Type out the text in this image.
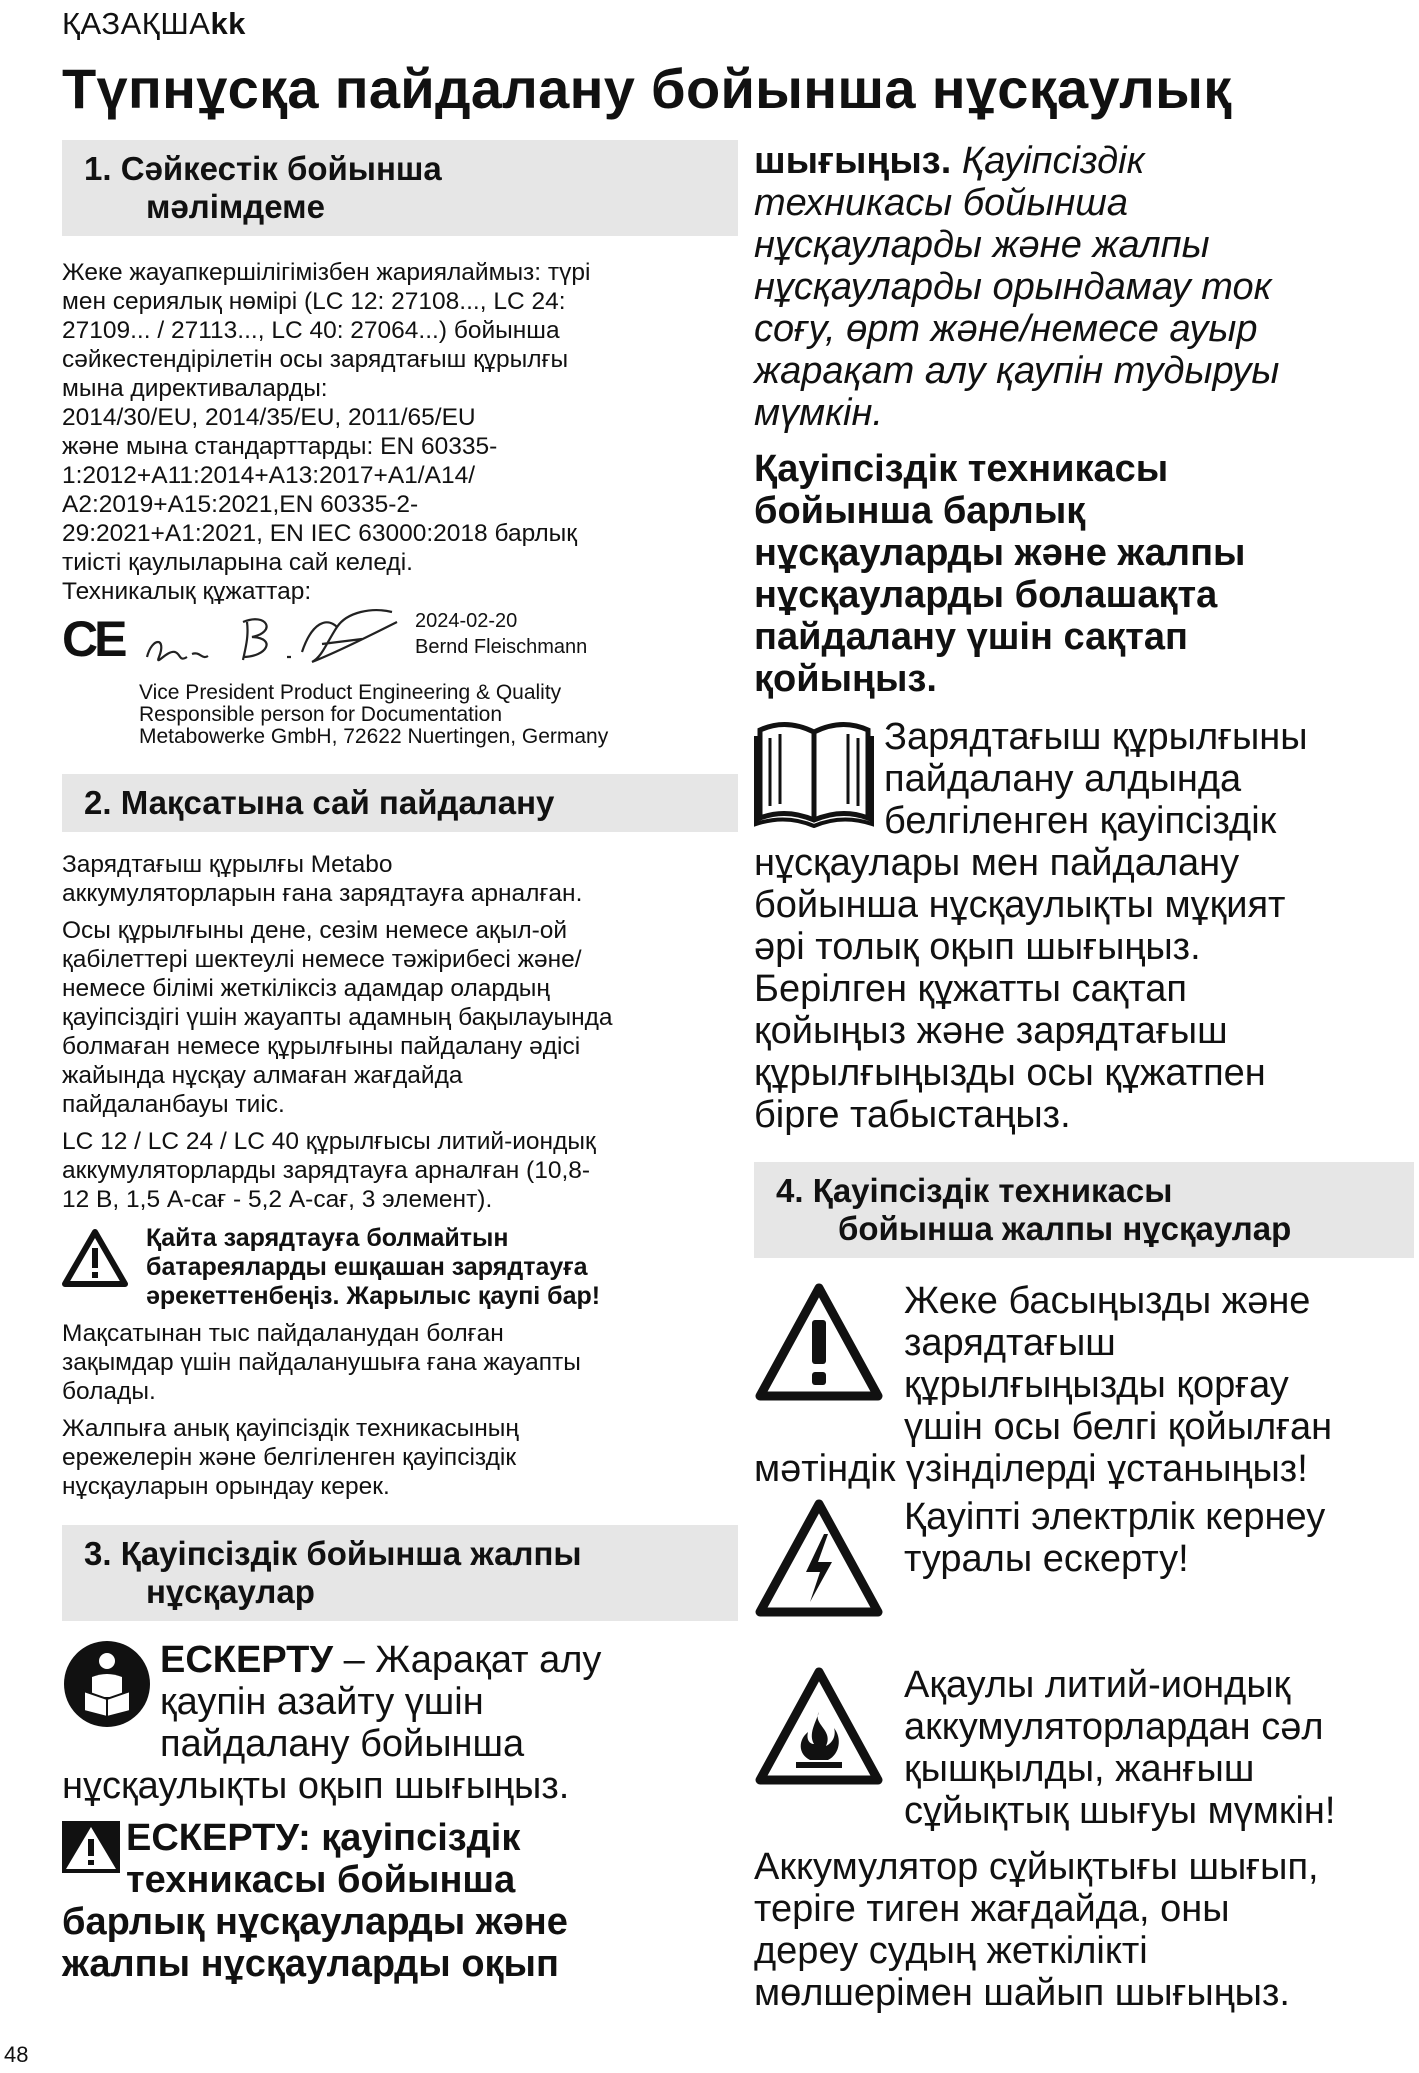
ҚАЗАҚШАkk
Түпнұсқа пайдалану бойынша нұсқаулық
1. Сәйкестік бойынша
мәлімдеме

Жеке жауапкершілігімізбен жариялаймыз: түрі
мен сериялық нөмірі (LC 12: 27108..., LC 24:
27109... / 27113..., LC 40: 27064...) бойынша
сәйкестендірілетін осы зарядтағыш құрылғы
мына директиваларды:
2014/30/EU, 2014/35/EU, 2011/65/EU
және мына стандарттарды: EN 60335-
1:2012+A11:2014+A13:2017+A1/A14/
A2:2019+A15:2021,EN 60335-2-
29:2021+A1:2021, EN IEC 63000:2018 барлық
тиісті қаулыларына сай келеді.
Техникалық құжаттар:

CE	2024-02-20
Bernd Fleischmann
Vice President Product Engineering & Quality
Responsible person for Documentation
Metabowerke GmbH, 72622 Nuertingen, Germany
2. Мақсатына сай пайдалану

Зарядтағыш құрылғы Metabo
аккумуляторларын ғана зарядтауға арналған.

Осы құрылғыны дене, сезім немесе ақыл-ой
қабілеттері шектеулі немесе тәжірибесі және/
немесе білімі жеткіліксіз адамдар олардың
қауіпсіздігі үшін жауапты адамның бақылауында
болмаған немесе құрылғыны пайдалану әдісі
жайында нұсқау алмаған жағдайда
пайдаланбауы тиіс.

LC 12 / LC 24 / LC 40 құрылғысы литий-иондық
аккумуляторларды зарядтауға арналған (10,8-
12 В, 1,5 А-сағ - 5,2 А-сағ, 3 элемент).

Қайта зарядтауға болмайтын
батареяларды ешқашан зарядтауға
әрекеттенбеңіз. Жарылыс қаупі бар!

Мақсатынан тыс пайдаланудан болған
зақымдар үшін пайдаланушыға ғана жауапты
болады.

Жалпыға анық қауіпсіздік техникасының
ережелерін және белгіленген қауіпсіздік
нұсқауларын орындау керек.

3. Қауіпсіздік бойынша жалпы
нұсқаулар

ЕСКЕРТУ – Жарақат алу

қаупін азайту үшін
пайдалану бойынша

нұсқаулықты оқып шығыңыз.

ЕСКЕРТУ: қауіпсіздік

техникасы бойынша

барлық нұсқауларды және
жалпы нұсқауларды оқып

шығыңыз. Қауіпсіздік

техникасы бойынша
нұсқауларды және жалпы
нұсқауларды орындамау ток
соғу, өрт және/немесе ауыр
жарақат алу қаупін тудыруы
мүмкін.

Қауіпсіздік техникасы
бойынша барлық
нұсқауларды және жалпы
нұсқауларды болашақта
пайдалану үшін сақтап
қойыңыз.

Зарядтағыш құрылғыны
пайдалану алдында
белгіленген қауіпсіздік

нұсқаулары мен пайдалану
бойынша нұсқаулықты мұқият
әрі толық оқып шығыңыз.
Берілген құжатты сақтап
қойыңыз және зарядтағыш
құрылғыңызды осы құжатпен
бірге табыстаңыз.

4. Қауіпсіздік техникасы
бойынша жалпы нұсқаулар

Жеке басыңызды және
зарядтағыш
құрылғыңызды қорғау
үшін осы белгі қойылған

мәтіндік үзінділерді ұстаныңыз!

Қауіпті электрлік кернеу
туралы ескерту!

Ақаулы литий-иондық
аккумуляторлардан сәл
қышқылды, жанғыш
сұйықтық шығуы мүмкін!

Аккумулятор сұйықтығы шығып,
теріге тиген жағдайда, оны
дереу судың жеткілікті
мөлшерімен шайып шығыңыз.

48
